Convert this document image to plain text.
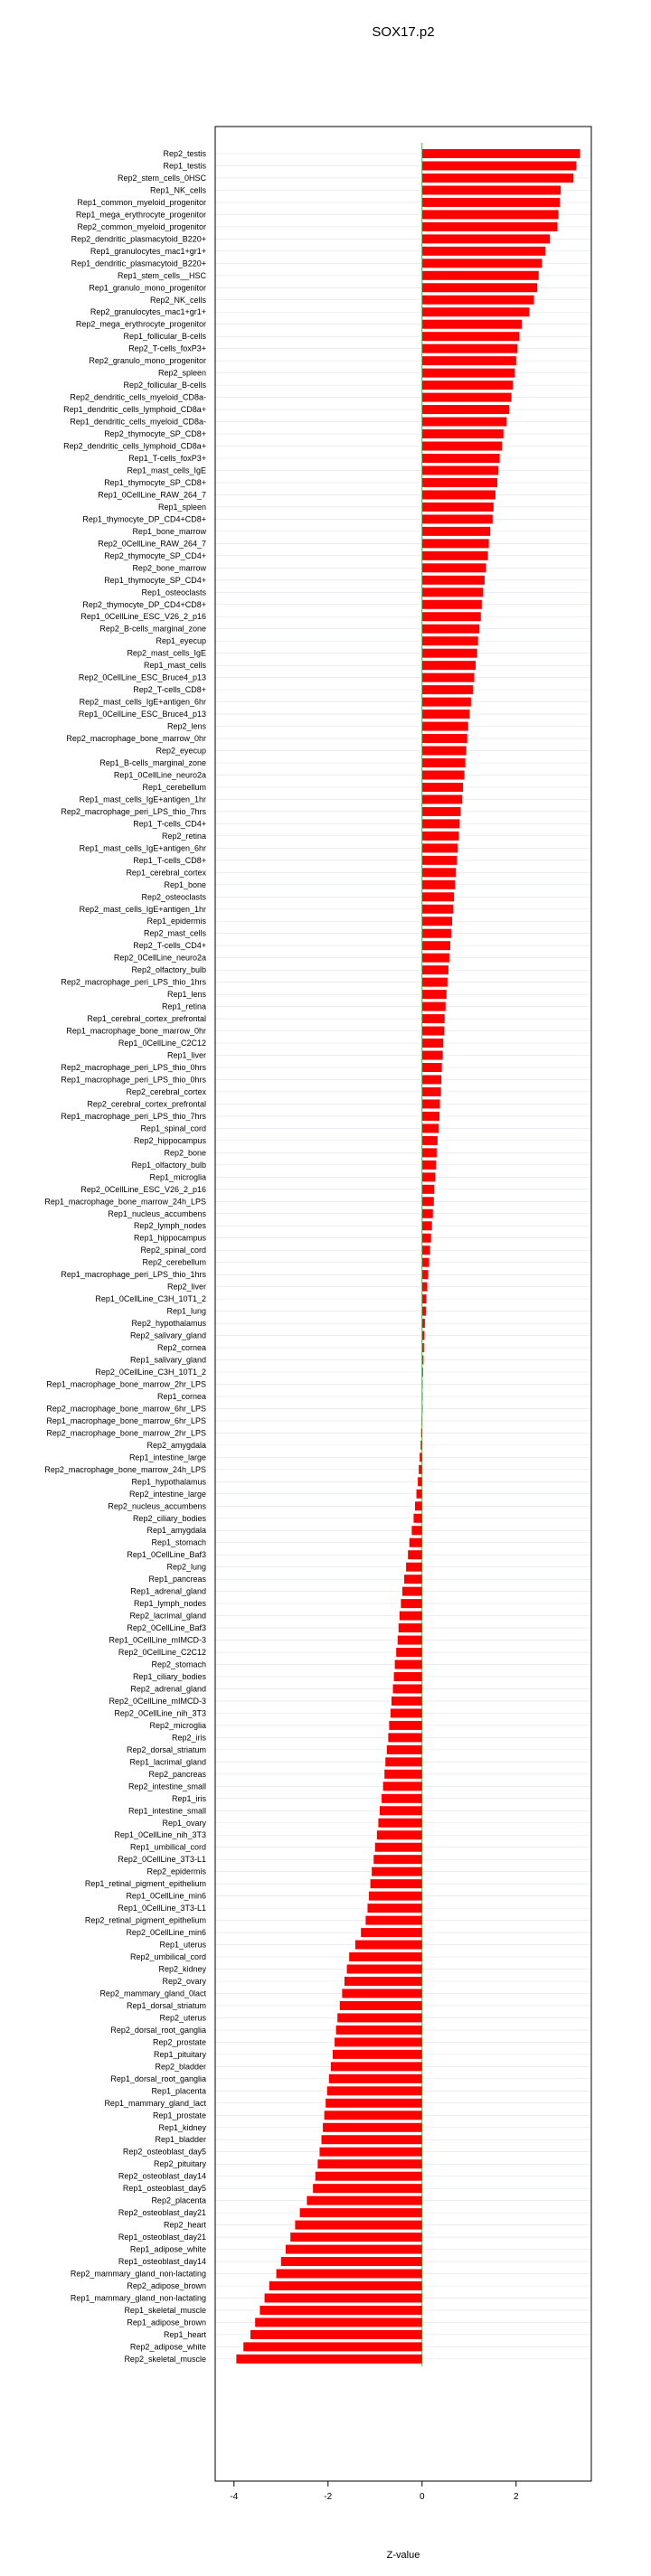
SOX17.p2
Rep2_testis
Rep1_testis
Rep2_stem_cells_0HSC
Rep1_NK_cells
Rep1_common_myeloid_progenitor
Rep1_mega_erythrocyte_progenitor
Rep2_common_myeloid_progenitor
Rep2_dendritic_plasmacytoid_B220+
Rep1_granulocytes_mac1+gr1+
Rep1_dendritic_plasmacytoid_B220+
Rep1_stem_cells__HSC
Rep1_granulo_mono_progenitor
Rep2_NK_cells
Rep2_granulocytes_mac1+gr1+
Rep2_mega_erythrocyte_progenitor
Rep1_follicular_B-cells
Rep2_T-cells_foxP3+
Rep2_granulo_mono_progenitor
Rep2_spleen
Rep2_follicular_B-cells
Rep2_dendritic_cells_myeloid_CD8a-
Rep1_dendritic_cells_lymphoid_CD8a+
Rep1_dendritic_cells_myeloid_CD8a-
Rep2_thymocyte_SP_CD8+
Rep2_dendritic_cells_lymphoid_CD8a+
Rep1_T-cells_foxP3+
Rep1_mast_cells_IgE
Rep1_thymocyte_SP_CD8+
Rep1_0CellLine_RAW_264_7
Rep1_spleen
Rep1_thymocyte_DP_CD4+CD8+
Rep1_bone_marrow
Rep2_0CellLine_RAW_264_7
Rep2_thymocyte_SP_CD4+
Rep2_bone_marrow
Rep1_thymocyte_SP_CD4+
Rep1_osteoclasts
Rep2_thymocyte_DP_CD4+CD8+
Rep1_0CellLine_ESC_V26_2_p16
Rep2_B-cells_marginal_zone
Rep1_eyecup
Rep2_mast_cells_IgE
Rep1_mast_cells
Rep2_0CellLine_ESC_Bruce4_p13
Rep2_T-cells_CD8+
Rep2_mast_cells_IgE+antigen_6hr
Rep1_0CellLine_ESC_Bruce4_p13
Rep2_lens
Rep2_macrophage_bone_marrow_0hr
Rep2_eyecup
Rep1_B-cells_marginal_zone
Rep1_0CellLine_neuro2a
Rep1_cerebellum
Rep1_mast_cells_IgE+antigen_1hr
Rep2_macrophage_peri_LPS_thio_7hrs
Rep1_T-cells_CD4+
Rep2_retina
Rep1_mast_cells_IgE+antigen_6hr
Rep1_T-cells_CD8+
Rep1_cerebral_cortex
Rep1_bone
Rep2_osteoclasts
Rep2_mast_cells_IgE+antigen_1hr
Rep1_epidermis
Rep2_mast_cells
Rep2_T-cells_CD4+
Rep2_0CellLine_neuro2a
Rep2_olfactory_bulb
Rep2_macrophage_peri_LPS_thio_1hrs
Rep1_lens
Rep1_retina
Rep1_cerebral_cortex_prefrontal
Rep1_macrophage_bone_marrow_0hr
Rep1_0CellLine_C2C12
Rep1_liver
Rep2_macrophage_peri_LPS_thio_0hrs
Rep1_macrophage_peri_LPS_thio_0hrs
Rep2_cerebral_cortex
Rep2_cerebral_cortex_prefrontal
Rep1_macrophage_peri_LPS_thio_7hrs
Rep1_spinal_cord
Rep2_hippocampus
Rep2_bone
Rep1_olfactory_bulb
Rep1_microglia
Rep2_0CellLine_ESC_V26_2_p16
Rep1_macrophage_bone_marrow_24h_LPS
Rep1_nucleus_accumbens
Rep2_lymph_nodes
Rep1_hippocampus
Rep2_spinal_cord
Rep2_cerebellum
Rep1_macrophage_peri_LPS_thio_1hrs
Rep2_liver
Rep1_0CellLine_C3H_10T1_2
Rep1_lung
Rep2_hypothalamus
Rep2_salivary_gland
Rep2_cornea
Rep1_salivary_gland
Rep2_0CellLine_C3H_10T1_2
Rep1_macrophage_bone_marrow_2hr_LPS
Rep1_cornea
Rep2_macrophage_bone_marrow_6hr_LPS
Rep1_macrophage_bone_marrow_6hr_LPS
Rep2_macrophage_bone_marrow_2hr_LPS
Rep2_amygdala
Rep1_intestine_large
Rep2_macrophage_bone_marrow_24h_LPS
Rep1_hypothalamus
Rep2_intestine_large
Rep2_nucleus_accumbens
Rep2_ciliary_bodies
Rep1_amygdala
Rep1_stomach
Rep1_0CellLine_Baf3
Rep2_lung
Rep1_pancreas
Rep1_adrenal_gland
Rep1_lymph_nodes
Rep2_lacrimal_gland
Rep2_0CellLine_Baf3
Rep1_0CellLine_mIMCD-3
Rep2_0CellLine_C2C12
Rep2_stomach
Rep1_ciliary_bodies
Rep2_adrenal_gland
Rep2_0CellLine_mIMCD-3
Rep2_0CellLine_nih_3T3
Rep2_microglia
Rep2_iris
Rep2_dorsal_striatum
Rep1_lacrimal_gland
Rep2_pancreas
Rep2_intestine_small
Rep1_iris
Rep1_intestine_small
Rep1_ovary
Rep1_0CellLine_nih_3T3
Rep1_umbilical_cord
Rep2_0CellLine_3T3-L1
Rep2_epidermis
Rep1_retinal_pigment_epithelium
Rep1_0CellLine_min6
Rep1_0CellLine_3T3-L1
Rep2_retinal_pigment_epithelium
Rep2_0CellLine_min6
Rep1_uterus
Rep2_umbilical_cord
Rep2_kidney
Rep2_ovary
Rep2_mammary_gland_0lact
Rep1_dorsal_striatum
Rep2_uterus
Rep2_dorsal_root_ganglia
Rep2_prostate
Rep1_pituitary
Rep2_bladder
Rep1_dorsal_root_ganglia
Rep1_placenta
Rep1_mammary_gland_lact
Rep1_prostate
Rep1_kidney
Rep1_bladder
Rep2_osteoblast_day5
Rep2_pituitary
Rep2_osteoblast_day14
Rep1_osteoblast_day5
Rep2_placenta
Rep2_osteoblast_day21
Rep2_heart
Rep1_osteoblast_day21
Rep1_adipose_white
Rep1_osteoblast_day14
Rep2_mammary_gland_non-lactating
Rep2_adipose_brown
Rep1_mammary_gland_non-lactating
Rep1_skeletal_muscle
Rep1_adipose_brown
Rep1_heart
Rep2_adipose_white
Rep2_skeletal_muscle
-4	-2	0	2
Z-value
